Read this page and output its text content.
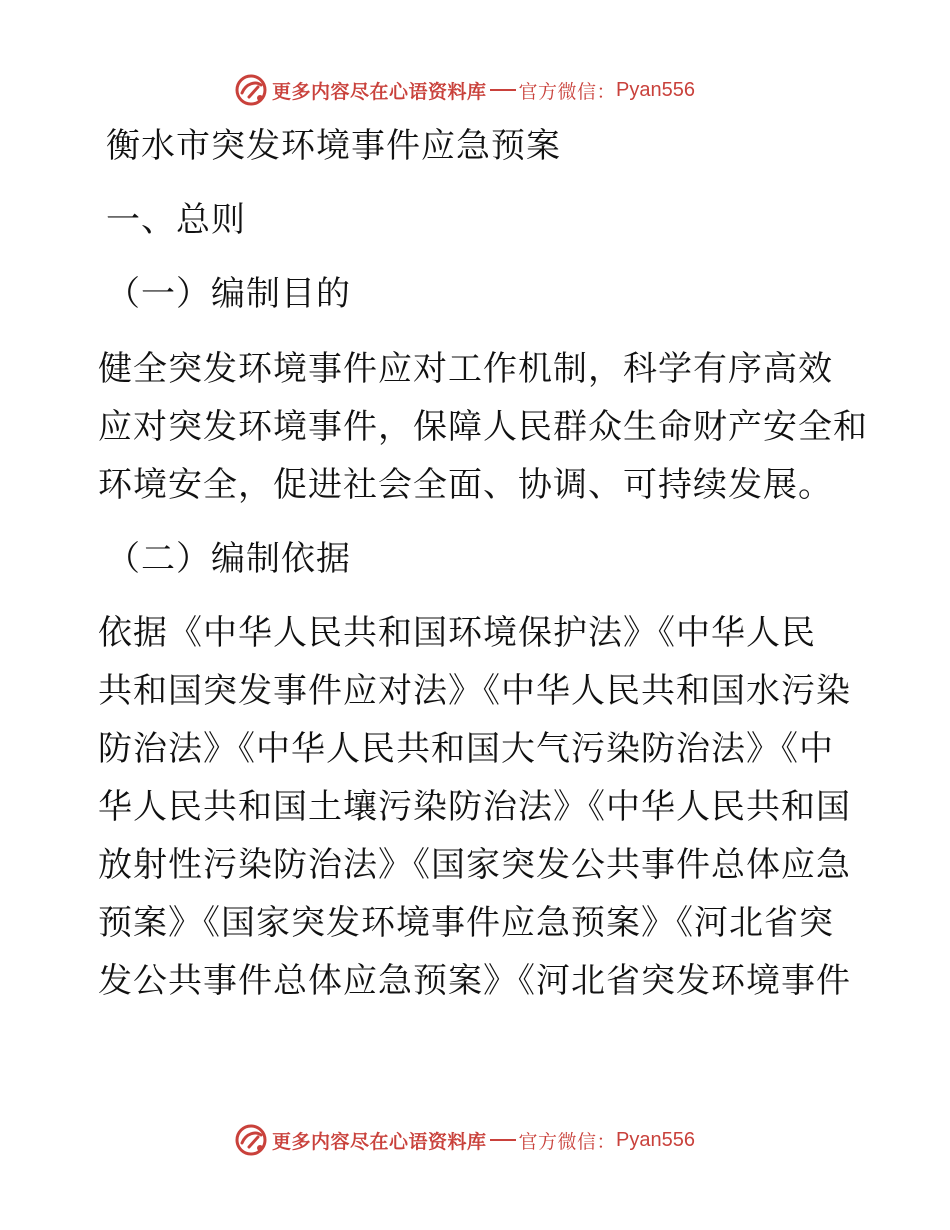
更多内容尽在心语资料库 官方微信： Pyan556
衡水市突发环境事件应急预案
一、总则
（一）编制目的
健全突发环境事件应对工作机制，科学有序高效
应对突发环境事件，保障人民群众生命财产安全和
环境安全，促进社会全面、协调、可持续发展。
（二）编制依据
依据《中华人民共和国环境保护法》《中华人民
共和国突发事件应对法》《中华人民共和国水污染
防治法》《中华人民共和国大气污染防治法》《中
华人民共和国土壤污染防治法》《中华人民共和国
放射性污染防治法》《国家突发公共事件总体应急
预案》《国家突发环境事件应急预案》《河北省突
发公共事件总体应急预案》《河北省突发环境事件
更多内容尽在心语资料库 官方微信： Pyan556
